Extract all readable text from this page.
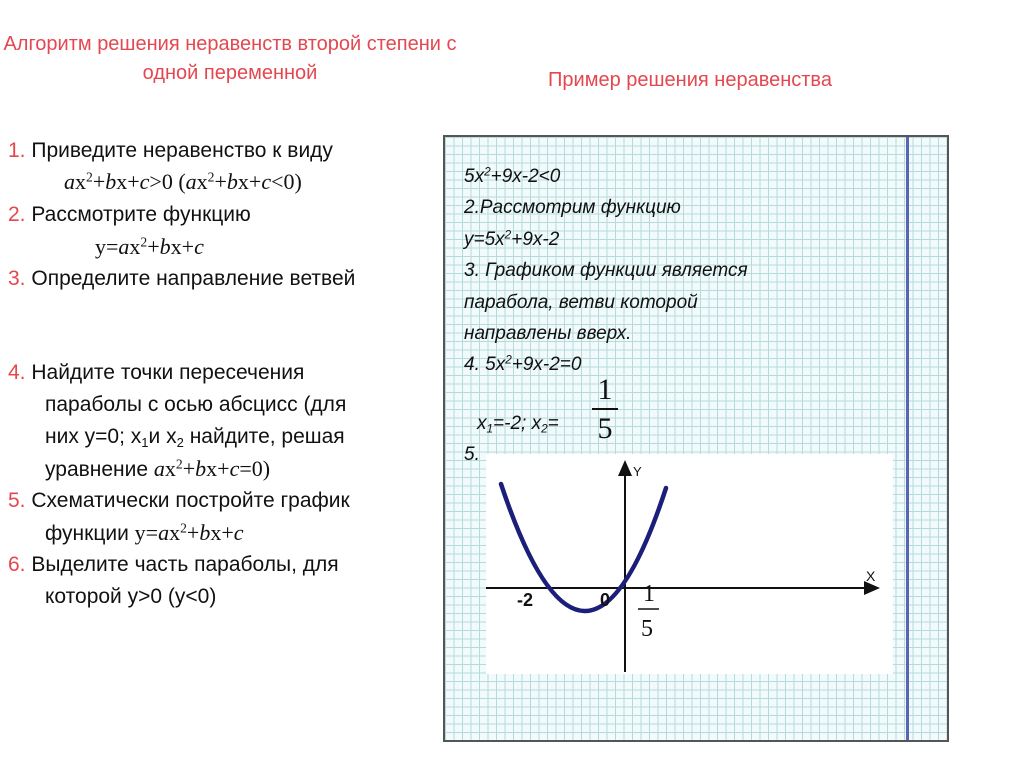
Алгоритм решения неравенств второй степени с одной переменной	Пример решения неравенства
1. Приведите неравенство к виду
$ax^2+bx+c>0$ $(ax^2+bx+c<0)$
2. Рассмотрите функцию
$y=ax^2+bx+c$
3. Определите направление ветвей
4. Найдите точки пересечения
параболы с осью абсцисс (для
них y=0; $x_1и$ $x_2$ найдите, решая
уравнение $ax^2+bx+c=0$)
5. Схематически постройте график
функции $y=ax^2+bx+c$
6. Выделите часть параболы, для
которой y>0 (y<0)
$5x^2+9x-2<0$
2.Рассмотрим функцию
$y=5x^2+9x-2$
3. Графиком функции является
парабола, ветви которой
направлены вверх.
4. $5x^2+9x-2=0$
$x_1=-2$; $x_2=$
1
5
5.
Y
X
-2	0 1
5
